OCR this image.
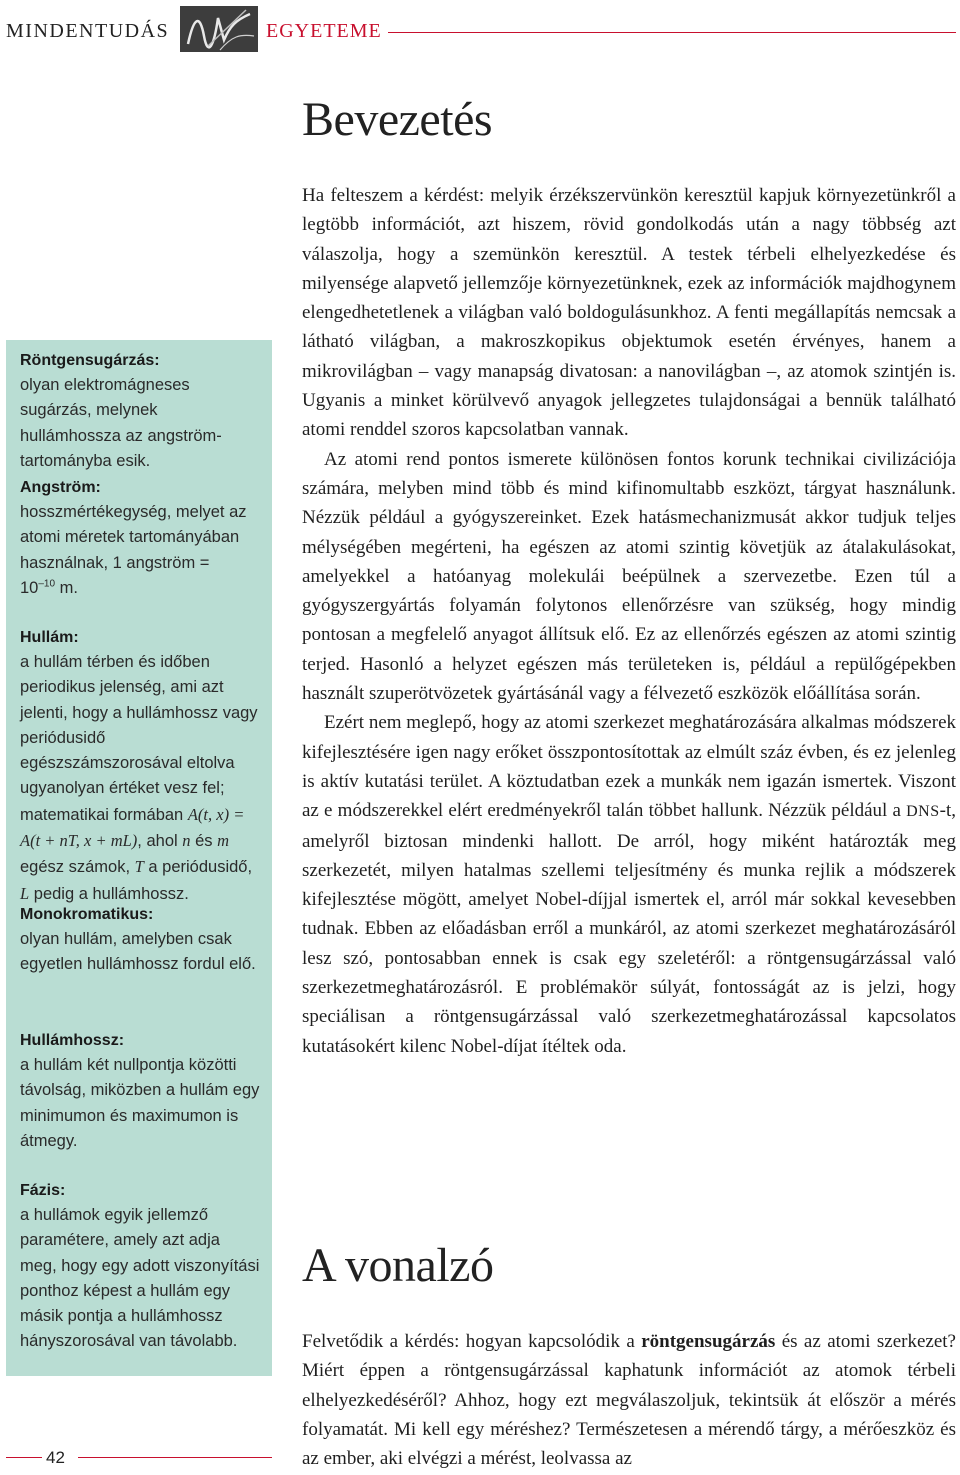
MINDENTUDÁS	EGYETEME
Röntgensugárzás:
olyan elektromágneses sugárzás, melynek hullámhossza az angström-tartományba esik.
Angström:
hosszmértékegység, melyet az atomi méretek tartományában használnak, 1 angström =
$10^{-10}$ m.
Hullám:
a hullám térben és időben periodikus jelenség, ami azt jelenti, hogy a hullámhossz vagy periódusidő egészszámszorosával eltolva ugyanolyan értéket vesz fel; matematikai formában A(t, x) = A(t + nT, x + mL), ahol n és m egész számok, T a periódusidő, L pedig a hullámhossz.
Monokromatikus:
olyan hullám, amelyben csak egyetlen hullámhossz fordul elő.
Hullámhossz:
a hullám két nullpontja közötti távolság, miközben a hullám egy minimumon és maximumon is átmegy.
Fázis:
a hullámok egyik jellemző paramétere, amely azt adja meg, hogy egy adott viszonyítási ponthoz képest a hullám egy másik pontja a hullámhossz hányszorosával van távolabb.
42
Bevezetés

Ha felteszem a kérdést: melyik érzékszervünkön keresztül kapjuk környezetünkről a legtöbb információt, azt hiszem, rövid gondolkodás után a nagy többség azt válaszolja, hogy a szemünkön keresztül. A testek térbeli elhelyezkedése és milyensége alapvető jellemzője környezetünknek, ezek az információk majdhogynem elengedhetetlenek a világban való boldogulásunkhoz. A fenti megállapítás nemcsak a látható világban, a makroszkopikus objektumok esetén érvényes, hanem a mikrovilágban – vagy manapság divatosan: a nanovilágban –, az atomok szintjén is. Ugyanis a minket körülvevő anyagok jellegzetes tulajdonságai a bennük található atomi renddel szoros kapcsolatban vannak.

Az atomi rend pontos ismerete különösen fontos korunk technikai civilizációja számára, melyben mind több és mind kifinomultabb eszközt, tárgyat használunk. Nézzük például a gyógyszereinket. Ezek hatásmechanizmusát akkor tudjuk teljes mélységében megérteni, ha egészen az atomi szintig követjük az átalakulásokat, amelyekkel a hatóanyag molekulái beépülnek a szervezetbe. Ezen túl a gyógyszergyártás folyamán folytonos ellenőrzésre van szükség, hogy mindig pontosan a megfelelő anyagot állítsuk elő. Ez az ellenőrzés egészen az atomi szintig terjed. Hasonló a helyzet egészen más területeken is, például a repülőgépekben használt szuperötvözetek gyártásánál vagy a félvezető eszközök előállítása során.

Ezért nem meglepő, hogy az atomi szerkezet meghatározására alkalmas módszerek kifejlesztésére igen nagy erőket összpontosítottak az elmúlt száz évben, és ez jelenleg is aktív kutatási terület. A köztudatban ezek a munkák nem igazán ismertek. Viszont az e módszerekkel elért eredményekről talán többet hallunk. Nézzük például a DNS-t, amelyről biztosan mindenki hallott. De arról, hogy miként határozták meg szerkezetét, milyen hatalmas szellemi teljesítmény és munka rejlik a módszerek kifejlesztése mögött, amelyet Nobel-díjjal ismertek el, arról már sokkal kevesebben tudnak. Ebben az előadásban erről a munkáról, az atomi szerkezet meghatározásáról lesz szó, pontosabban ennek is csak egy szeletéről: a röntgensugárzással való szerkezetmeghatározásról. E problémakör súlyát, fontosságát az is jelzi, hogy speciálisan a röntgensugárzással való szerkezetmeghatározással kapcsolatos kutatásokért kilenc Nobel-díjat ítéltek oda.

A vonalzó

Felvetődik a kérdés: hogyan kapcsolódik a röntgensugárzás és az atomi szerkezet? Miért éppen a röntgensugárzással kaphatunk információt az atomok térbeli elhelyezkedéséről? Ahhoz, hogy ezt megválaszoljuk, tekintsük át először a mérés folyamatát. Mi kell egy méréshez? Természetesen a mérendő tárgy, a mérőeszköz és az ember, aki elvégzi a mérést, leolvassa az
